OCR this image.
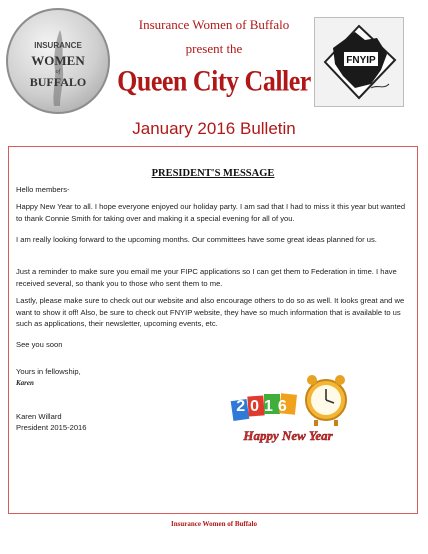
INSURANCE
WOMEN
of
BUFFALO
Insurance Women of Buffalo
present the
Queen City Caller
FNYIP
January 2016 Bulletin
PRESIDENT'S MESSAGE

Hello members-

Happy New Year to all. I hope everyone enjoyed our holiday party. I am sad that I had to miss it this year but wanted to thank Connie Smith for taking over and making it a special evening for all of you.

I am really looking forward to the upcoming months. Our committees have some great ideas planned for us.

Just a reminder to make sure you email me your FIPC applications so I can get them to Federation in time. I have received several, so thank you to those who sent them to me.

Lastly, please make sure to check out our website and also encourage others to do so as well. It looks great and we want to show it off! Also, be sure to check out FNYIP website, they have so much information that is available to us such as applications, their newsletter, upcoming events, etc.

See you soon

Yours in fellowship,

Karen

Karen Willard

President 2015-2016

2016
Happy New Year
Insurance Women of Buffalo
